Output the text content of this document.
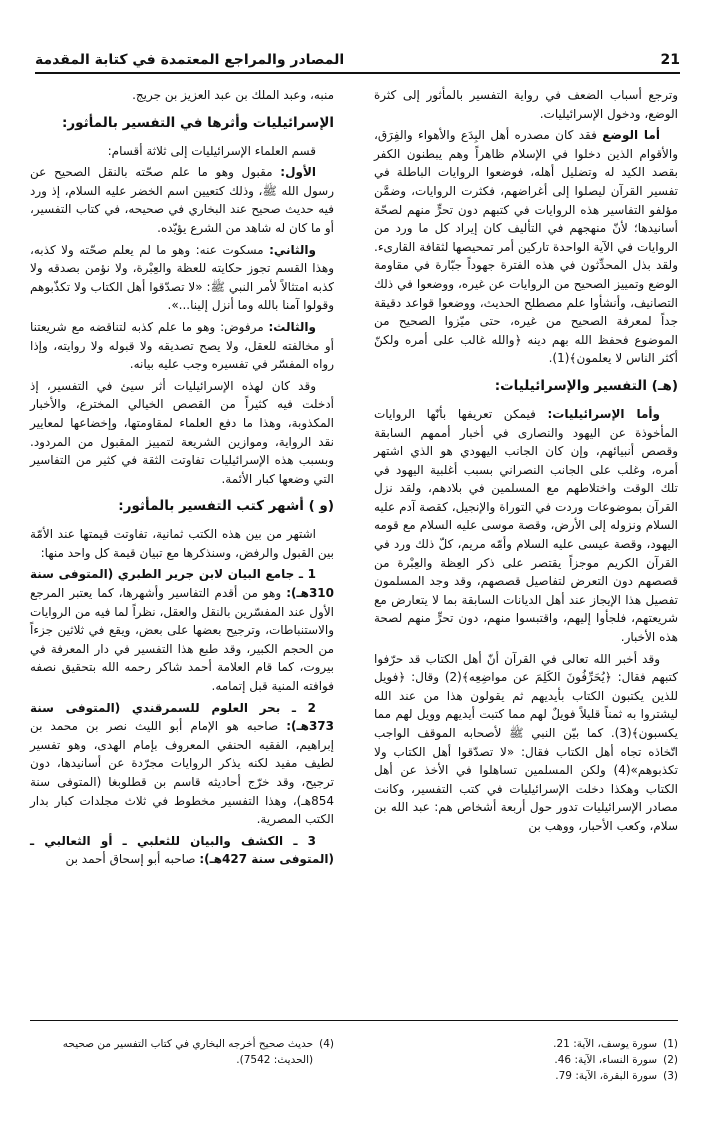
21
المصادر والمراجع المعتمدة في كتابة المقدمة

وترجع أسباب الضعف في رواية التفسير بالمأثور إلى كثرة الوضع، ودخول الإسرائيليات.

أما الوضع فقد كان مصدره أهل البِدَع والأهواء والفِرَق، والأقوام الذين دخلوا في الإسلام ظاهراً وهم يبطنون الكفر بقصد الكيد له وتضليل أهله، فوضعوا الروايات الباطلة في تفسير القرآن ليصلوا إلى أغراضهم، فكثرت الروايات، وضمَّن مؤلفو التفاسير هذه الروايات في كتبهم دون تحرٍّ منهم لصحّة أسانيدها؛ لأنّ منهجهم في التأليف كان إيراد كل ما ورد من الروايات في الآية الواحدة تاركين أمر تمحيصها لثقافة القارىء. ولقد بذل المحدِّثون في هذه الفترة جهوداً جبّارة في مقاومة الوضع وتمييز الصحيح من الروايات عن غيره، ووضعوا في ذلك التصانيف، وأنشأوا علم مصطلح الحديث، ووضعوا قواعد دقيقة جداً لمعرفة الصحيح من غيره، حتى ميّزوا الصحيح من الموضوع فحفظ الله بهم دينه ﴿والله غالب على أمره ولكنّ أكثر الناس لا يعلمون﴾(1).

(هـ) التفسير والإسرائيليات:

وأما الإسرائيليات: فيمكن تعريفها بأنّها الروايات المأخوذة عن اليهود والنصارى في أخبار أممهم السابقة وقصص أنبيائهم، وإن كان الجانب اليهودي هو الذي اشتهر أمره، وغلب على الجانب النصراني بسبب أغلبية اليهود في تلك الوقت واختلاطهم مع المسلمين في بلادهم، ولقد نزل القرآن بموضوعات وردت في التوراة والإنجيل، كقصة آدم عليه السلام ونزوله إلى الأرض، وقصة موسى عليه السلام مع قومه اليهود، وقصة عيسى عليه السلام وأمّه مريم، كلّ ذلك ورد في القرآن الكريم موجزاً يقتصر على ذكر العِظة والعِبْرة من قصصهم دون التعرض لتفاصيل قصصهم، وقد وجد المسلمون تفصيل هذا الإيجاز عند أهل الديانات السابقة بما لا يتعارض مع شريعتهم، فلجأوا إليهم، واقتبسوا منهم، دون تحرٍّ منهم لصحة هذه الأخبار.

وقد أخبر الله تعالى في القرآن أنّ أهل الكتاب قد حرّفوا كتبهم فقال: ﴿يُحَرِّفُونَ الكَلِمَ عن مواضِعِه﴾(2) وقال: ﴿فويل للذين يكتبون الكتاب بأيديهم ثم يقولون هذا من عند الله ليشتروا به ثمناً قليلاً فويلٌ لهم مما كتبت أيديهم وويل لهم مما يكسبون﴾(3). كما بيّن النبي ﷺ لأصحابه الموقف الواجب اتّخاذه تجاه أهل الكتاب فقال: «لا تصدّقوا أهل الكتاب ولا تكذبوهم»(4) ولكن المسلمين تساهلوا في الأخذ عن أهل الكتاب وهكذا دخلت الإسرائيليات في كتب التفسير، وكانت مصادر الإسرائيليات تدور حول أربعة أشخاص هم: عبد الله بن سلام، وكعب الأحبار، ووهب بن

منبه، وعبد الملك بن عبد العزيز بن جريج.

الإسرائيليات وأثرها في التفسير بالمأثور:

قسم العلماء الإسرائيليات إلى ثلاثة أقسام:

الأول: مقبول وهو ما علم صحّته بالنقل الصحيح عن رسول الله ﷺ، وذلك كتعيين اسم الخضر عليه السلام، إذ ورد فيه حديث صحيح عند البخاري في صحيحه، في كتاب التفسير، أو ما كان له شاهد من الشرع يؤيّده.

والثاني: مسكوت عنه: وهو ما لم يعلم صحّته ولا كذبه، وهذا القسم تجوز حكايته للعظة والعِبْرة، ولا نؤمن بصدقه ولا كذبه امتثالاً لأمر النبي ﷺ: «لا تصدّقوا أهل الكتاب ولا تكذّبوهم وقولوا آمنا بالله وما أنزل إلينا...».

والثالث: مرفوض: وهو ما علم كذبه لتناقضه مع شريعتنا أو مخالفته للعقل، ولا يصح تصديقه ولا قبوله ولا روايته، وإذا رواه المفسّر في تفسيره وجب عليه بيانه.

وقد كان لهذه الإسرائيليات أثر سيئ في التفسير، إذ أدخلت فيه كثيراً من القصص الخيالي المخترع، والأخبار المكذوبة، وهذا ما دفع العلماء لمقاومتها، وإخضاعها لمعايير نقد الرواية، وموازين الشريعة لتمييز المقبول من المردود. وبسبب هذه الإسرائيليات تفاوتت الثقة في كثير من التفاسير التي وضعها كبار الأئمة.

(و ) أشهر كتب التفسير بالمأثور:

اشتهر من بين هذه الكتب ثمانية، تفاوتت قيمتها عند الأمّة بين القبول والرفض، وسنذكرها مع تبيان قيمة كل واحد منها:

1 ـ جامع البيان لابن جرير الطبري (المتوفى سنة 310هـ): وهو من أقدم التفاسير وأشهرها، كما يعتبر المرجع الأول عند المفسّرين بالنقل والعقل، نظراً لما فيه من الروايات والاستنباطات، وترجيح بعضها على بعض، ويقع في ثلاثين جزءاً من الحجم الكبير، وقد طبع هذا التفسير في دار المعرفة في بيروت، كما قام العلامة أحمد شاكر رحمه الله بتحقيق نصفه فوافته المنية قبل إتمامه.

2 ـ بحر العلوم للسمرقندي (المتوفى سنة 373هـ): صاحبه هو الإمام أبو الليث نصر بن محمد بن إبراهيم، الفقيه الحنفي المعروف بإمام الهدى، وهو تفسير لطيف مفيد لكنه يذكر الروايات مجرّدة عن أسانيدها، دون ترجيح، وقد خرّج أحاديثه قاسم بن قطلوبغا (المتوفى سنة 854هـ)، وهذا التفسير مخطوط في ثلاث مجلدات كبار بدار الكتب المصرية.

3 ـ الكشف والبيان للثعلبي ـ أو الثعالبي ـ (المتوفى سنة 427هـ): صاحبه أبو إسحاق أحمد بن

(1)
سورة يوسف، الآية: 21.
(2)
سورة النساء، الآية: 46.
(3)
سورة البقرة، الآية: 79.
(4)
حديث صحيح أخرجه البخاري في كتاب التفسير من صحيحه (الحديث: 7542).
